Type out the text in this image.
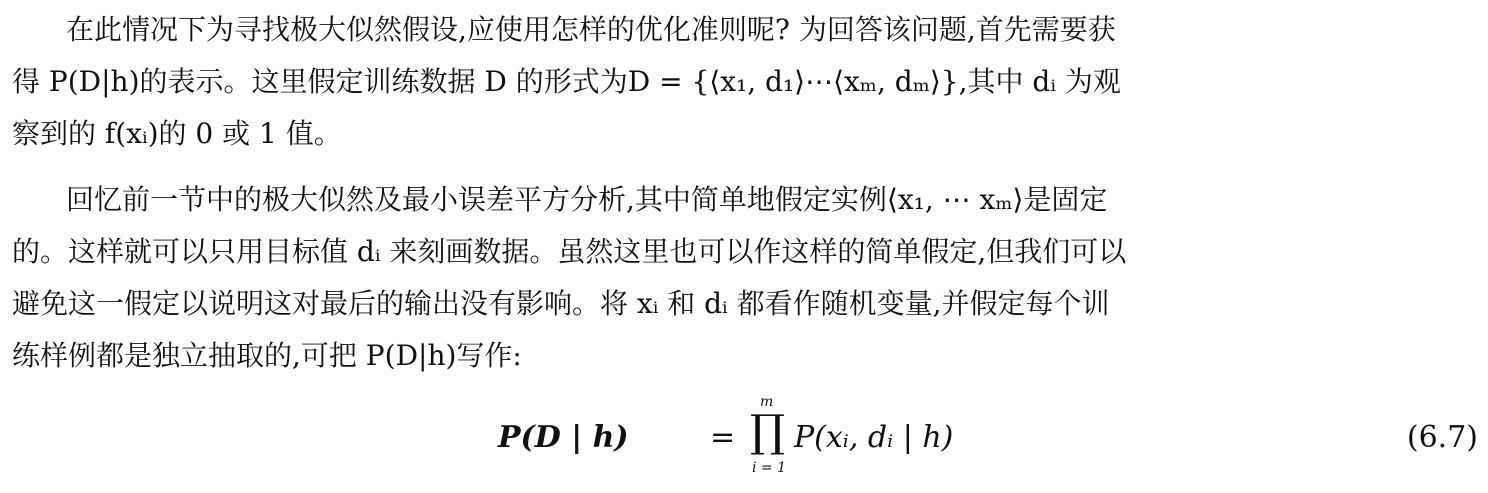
在此情况下为寻找极大似然假设,应使用怎样的优化准则呢? 为回答该问题,首先需要获
得 P(D|h)的表示。这里假定训练数据 D 的形式为D = {⟨x₁, d₁⟩⋯⟨xₘ, dₘ⟩},其中 dᵢ 为观
察到的 f(xᵢ)的 0 或 1 值。
回忆前一节中的极大似然及最小误差平方分析,其中简单地假定实例⟨x₁, ⋯ xₘ⟩是固定
的。这样就可以只用目标值 dᵢ 来刻画数据。虽然这里也可以作这样的简单假定,但我们可以
避免这一假定以说明这对最后的输出没有影响。将 xᵢ 和 dᵢ 都看作随机变量,并假定每个训
练样例都是独立抽取的,可把 P(D|h)写作:
P(D | h)	=
m
∏
i = 1
P(xᵢ, dᵢ | h)	(6.7)
